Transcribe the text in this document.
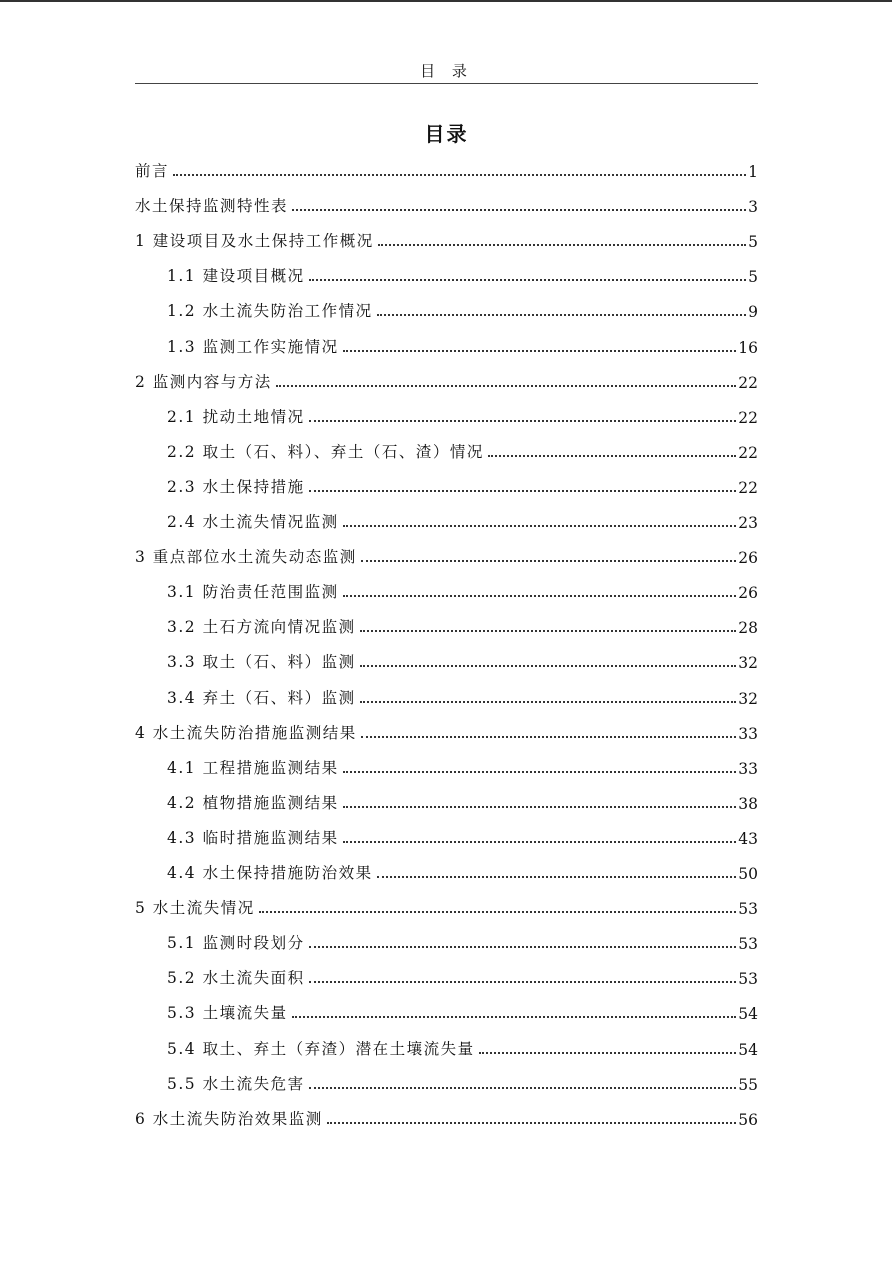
目 录
目录
前言	1
水土保持监测特性表	3
1 建设项目及水土保持工作概况	5
1.1 建设项目概况	5
1.2 水土流失防治工作情况	9
1.3 监测工作实施情况	16
2 监测内容与方法	22
2.1 扰动土地情况	22
2.2 取土（石、料）、弃土（石、渣）情况	22
2.3 水土保持措施	22
2.4 水土流失情况监测	23
3 重点部位水土流失动态监测	26
3.1 防治责任范围监测	26
3.2 土石方流向情况监测	28
3.3 取土（石、料）监测	32
3.4 弃土（石、料）监测	32
4 水土流失防治措施监测结果	33
4.1 工程措施监测结果	33
4.2 植物措施监测结果	38
4.3 临时措施监测结果	43
4.4 水土保持措施防治效果	50
5 水土流失情况	53
5.1 监测时段划分	53
5.2 水土流失面积	53
5.3 土壤流失量	54
5.4 取土、弃土（弃渣）潜在土壤流失量	54
5.5 水土流失危害	55
6 水土流失防治效果监测	56
